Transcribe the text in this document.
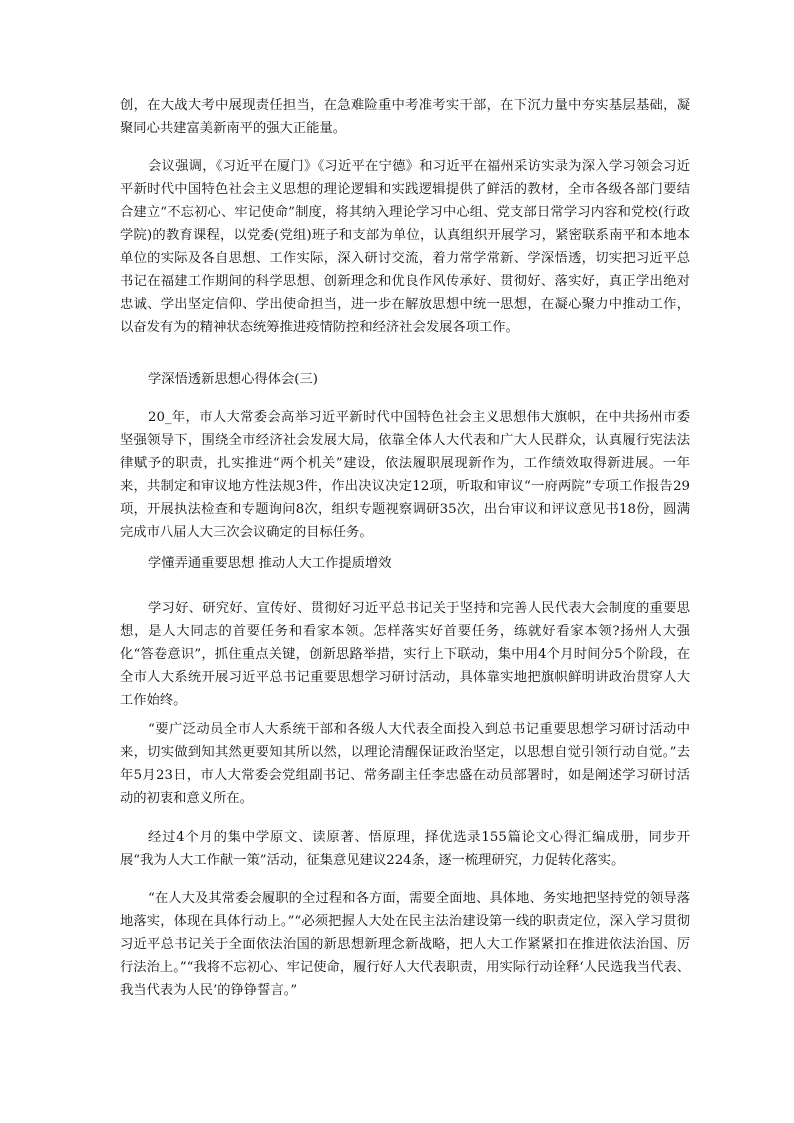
创，在大战大考中展现责任担当，在急难险重中考准考实干部，在下沉力量中夯实基层基础，凝聚同心共建富美新南平的强大正能量。

会议强调，《习近平在厦门》《习近平在宁德》和习近平在福州采访实录为深入学习领会习近平新时代中国特色社会主义思想的理论逻辑和实践逻辑提供了鲜活的教材，全市各级各部门要结合建立“不忘初心、牢记使命”制度，将其纳入理论学习中心组、党支部日常学习内容和党校(行政学院)的教育课程，以党委(党组)班子和支部为单位，认真组织开展学习，紧密联系南平和本地本单位的实际及各自思想、工作实际，深入研讨交流，着力常学常新、学深悟透，切实把习近平总书记在福建工作期间的科学思想、创新理念和优良作风传承好、贯彻好、落实好，真正学出绝对忠诚、学出坚定信仰、学出使命担当，进一步在解放思想中统一思想，在凝心聚力中推动工作，以奋发有为的精神状态统筹推进疫情防控和经济社会发展各项工作。

学深悟透新思想心得体会(三)

20_年，市人大常委会高举习近平新时代中国特色社会主义思想伟大旗帜，在中共扬州市委坚强领导下，围绕全市经济社会发展大局，依靠全体人大代表和广大人民群众，认真履行宪法法律赋予的职责，扎实推进“两个机关”建设，依法履职展现新作为，工作绩效取得新进展。一年来，共制定和审议地方性法规3件，作出决议决定12项，听取和审议“一府两院”专项工作报告29项，开展执法检查和专题询问8次，组织专题视察调研35次，出台审议和评议意见书18份，圆满完成市八届人大三次会议确定的目标任务。

学懂弄通重要思想 推动人大工作提质增效

学习好、研究好、宣传好、贯彻好习近平总书记关于坚持和完善人民代表大会制度的重要思想，是人大同志的首要任务和看家本领。怎样落实好首要任务，练就好看家本领?扬州人大强化“答卷意识”，抓住重点关键，创新思路举措，实行上下联动，集中用4个月时间分5个阶段，在全市人大系统开展习近平总书记重要思想学习研讨活动，具体靠实地把旗帜鲜明讲政治贯穿人大工作始终。

“要广泛动员全市人大系统干部和各级人大代表全面投入到总书记重要思想学习研讨活动中来，切实做到知其然更要知其所以然，以理论清醒保证政治坚定，以思想自觉引领行动自觉。”去年5月23日，市人大常委会党组副书记、常务副主任李忠盛在动员部署时，如是阐述学习研讨活动的初衷和意义所在。

经过4个月的集中学原文、读原著、悟原理，择优选录155篇论文心得汇编成册，同步开展“我为人大工作献一策”活动，征集意见建议224条，逐一梳理研究，力促转化落实。

“在人大及其常委会履职的全过程和各方面，需要全面地、具体地、务实地把坚持党的领导落地落实，体现在具体行动上。”“必须把握人大处在民主法治建设第一线的职责定位，深入学习贯彻习近平总书记关于全面依法治国的新思想新理念新战略，把人大工作紧紧扣在推进依法治国、厉行法治上。”“我将不忘初心、牢记使命，履行好人大代表职责，用实际行动诠释‘人民选我当代表、我当代表为人民’的铮铮誓言。”
